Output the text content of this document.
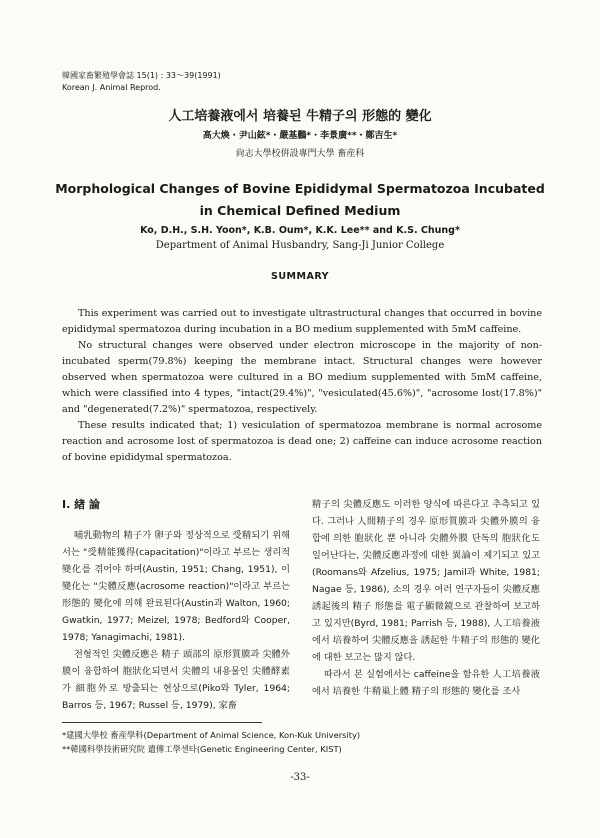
韓國家畜繁殖學會誌 15(1) : 33～39(1991)
Korean J. Animal Reprod.
人工培養液에서 培養된 牛精子의 形態的 變化
高大煥・尹山鉉*・嚴基鵬*・李景廣**・鄭吉生*
尙志大學校倂設專門大學 畜産科
Morphological Changes of Bovine Epididymal Spermatozoa Incubated
in Chemical Defined Medium
Ko, D.H., S.H. Yoon*, K.B. Oum*, K.K. Lee** and K.S. Chung*
Department of Animal Husbandry, Sang-Ji Junior College
SUMMARY

This experiment was carried out to investigate ultrastructural changes that occurred in bovine epididymal spermatozoa during incubation in a BO medium supplemented with 5mM caffeine.

No structural changes were observed under electron microscope in the majority of non-incubated sperm(79.8%) keeping the membrane intact. Structural changes were however observed when spermatozoa were cultured in a BO medium supplemented with 5mM caffeine, which were classified into 4 types, "intact(29.4%)", "vesiculated(45.6%)", "acrosome lost(17.8%)" and "degenerated(7.2%)" spermatozoa, respectively.

These results indicated that; 1) vesiculation of spermatozoa membrane is normal acrosome reaction and acrosome lost of spermatozoa is dead one; 2) caffeine can induce acrosome reaction of bovine epididymal spermatozoa.

Ⅰ. 緖 論

哺乳動物의 精子가 卵子와 정상적으로 受精되기 위해서는 "受精能獲得(capacitation)"이라고 부르는 생리적 變化를 겪어야 하며(Austin, 1951; Chang, 1951), 이 變化는 "尖體反應(acrosome reaction)"이라고 부르는 形態的 變化에 의해 완료된다(Austin과 Walton, 1960; Gwatkin, 1977; Meizel, 1978; Bedford와 Cooper, 1978; Yanagimachi, 1981).

전형적인 尖體反應은 精子 頭部의 原形質膜과 尖體外膜이 융합하여 胞狀化되면서 尖體의 내용물인 尖體酵素가 細胞外로 방출되는 현상으로(Piko와 Tyler, 1964; Barros 등, 1967; Russel 등, 1979), 家畜

精子의 尖體反應도 이러한 양식에 따른다고 추측되고 있다. 그러나 人間精子의 경우 原形質膜과 尖體外膜의 융합에 의한 胞狀化 뿐 아니라 尖體外膜 단독의 胞狀化도 일어난다는, 尖體反應과정에 대한 異論이 제기되고 있고(Roomans와 Afzelius, 1975; Jamil과 White, 1981; Nagae 등, 1986), 소의 경우 여러 연구자들이 尖體反應 誘起後의 精子 形態를 電子顯微鏡으로 관찰하여 보고하고 있지만(Byrd, 1981; Parrish 등, 1988), 人工培養液에서 培養하여 尖體反應을 誘起한 牛精子의 形態的 變化에 대한 보고는 많지 않다.

따라서 본 실험에서는 caffeine을 함유한 人工培養液에서 培養한 牛精巢上體 精子의 形態的 變化를 조사

*建國大學校 畜産學科(Department of Animal Science, Kon-Kuk University)
**韓國科學技術硏究院 遺傳工學센타(Genetic Engineering Center, KIST)
-33-
